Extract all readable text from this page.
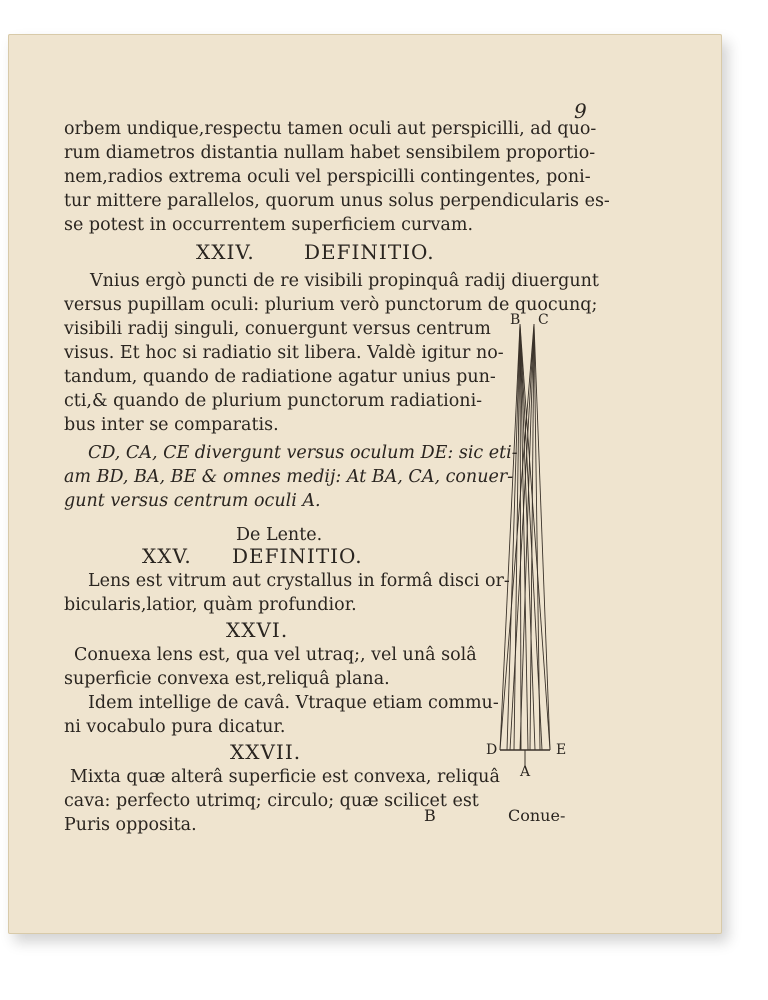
9
orbem undique,respectu tamen oculi aut perspicilli, ad quo-
rum diametros distantia nullam habet sensibilem proportio-
nem,radios extrema oculi vel perspicilli contingentes, poni-
tur mittere parallelos, quorum unus solus perpendicularis es-
se potest in occurrentem superficiem curvam.
XXIV. DEFINITIO.
Vnius ergò puncti de re visibili propinquâ radij diuergunt
versus pupillam oculi: plurium verò punctorum de quocunq;
visibili radij singuli, conuergunt versus centrum
visus. Et hoc si radiatio sit libera. Valdè igitur no-
tandum, quando de radiatione agatur unius pun-
cti,& quando de plurium punctorum radiationi-
bus inter se comparatis.
CD, CA, CE divergunt versus oculum DE: sic eti-
am BD, BA, BE & omnes medij: At BA, CA, conuer-
gunt versus centrum oculi A.
De Lente.
XXV. DEFINITIO.
Lens est vitrum aut crystallus in formâ disci or-
bicularis,latior, quàm profundior.
XXVI.
Conuexa lens est, qua vel utraq;, vel unâ solâ
superficie convexa est,reliquâ plana.
Idem intellige de cavâ. Vtraque etiam commu-
ni vocabulo pura dicatur.
XXVII.
Mixta quæ alterâ superficie est convexa, reliquâ
cava: perfecto utrimq; circulo; quæ scilicet est
Puris opposita.
B C
D	E
A
B	Conue-
